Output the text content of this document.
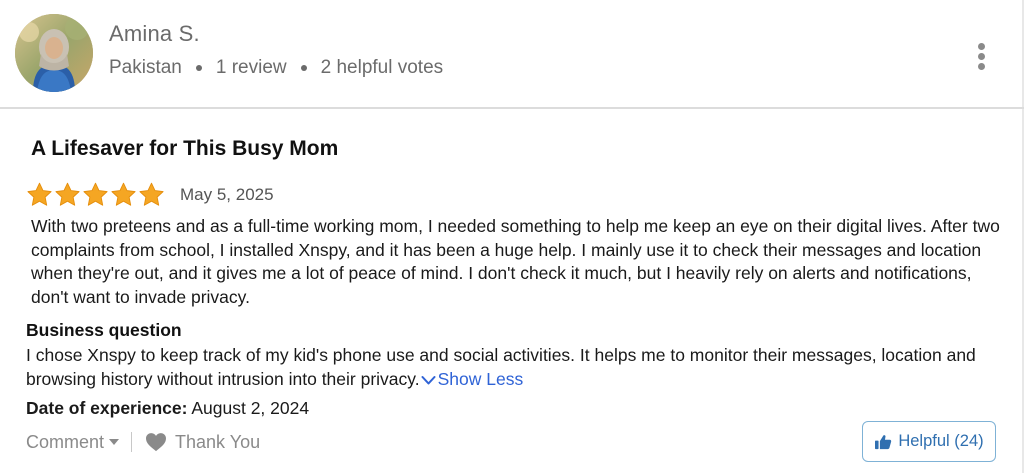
Amina S.
Pakistan 1 review 2 helpful votes
A Lifesaver for This Busy Mom
May 5, 2025
With two preteens and as a full-time working mom, I needed something to help me keep an eye on their digital lives. After two complaints from school, I installed Xnspy, and it has been a huge help. I mainly use it to check their messages and location when they're out, and it gives me a lot of peace of mind. I don't check it much, but I heavily rely on alerts and notifications, don't want to invade privacy.
Business question
I chose Xnspy to keep track of my kid's phone use and social activities. It helps me to monitor their messages, location and browsing history without intrusion into their privacy. Show Less
Date of experience: August 2, 2024
Comment	Thank You	Helpful (24)
